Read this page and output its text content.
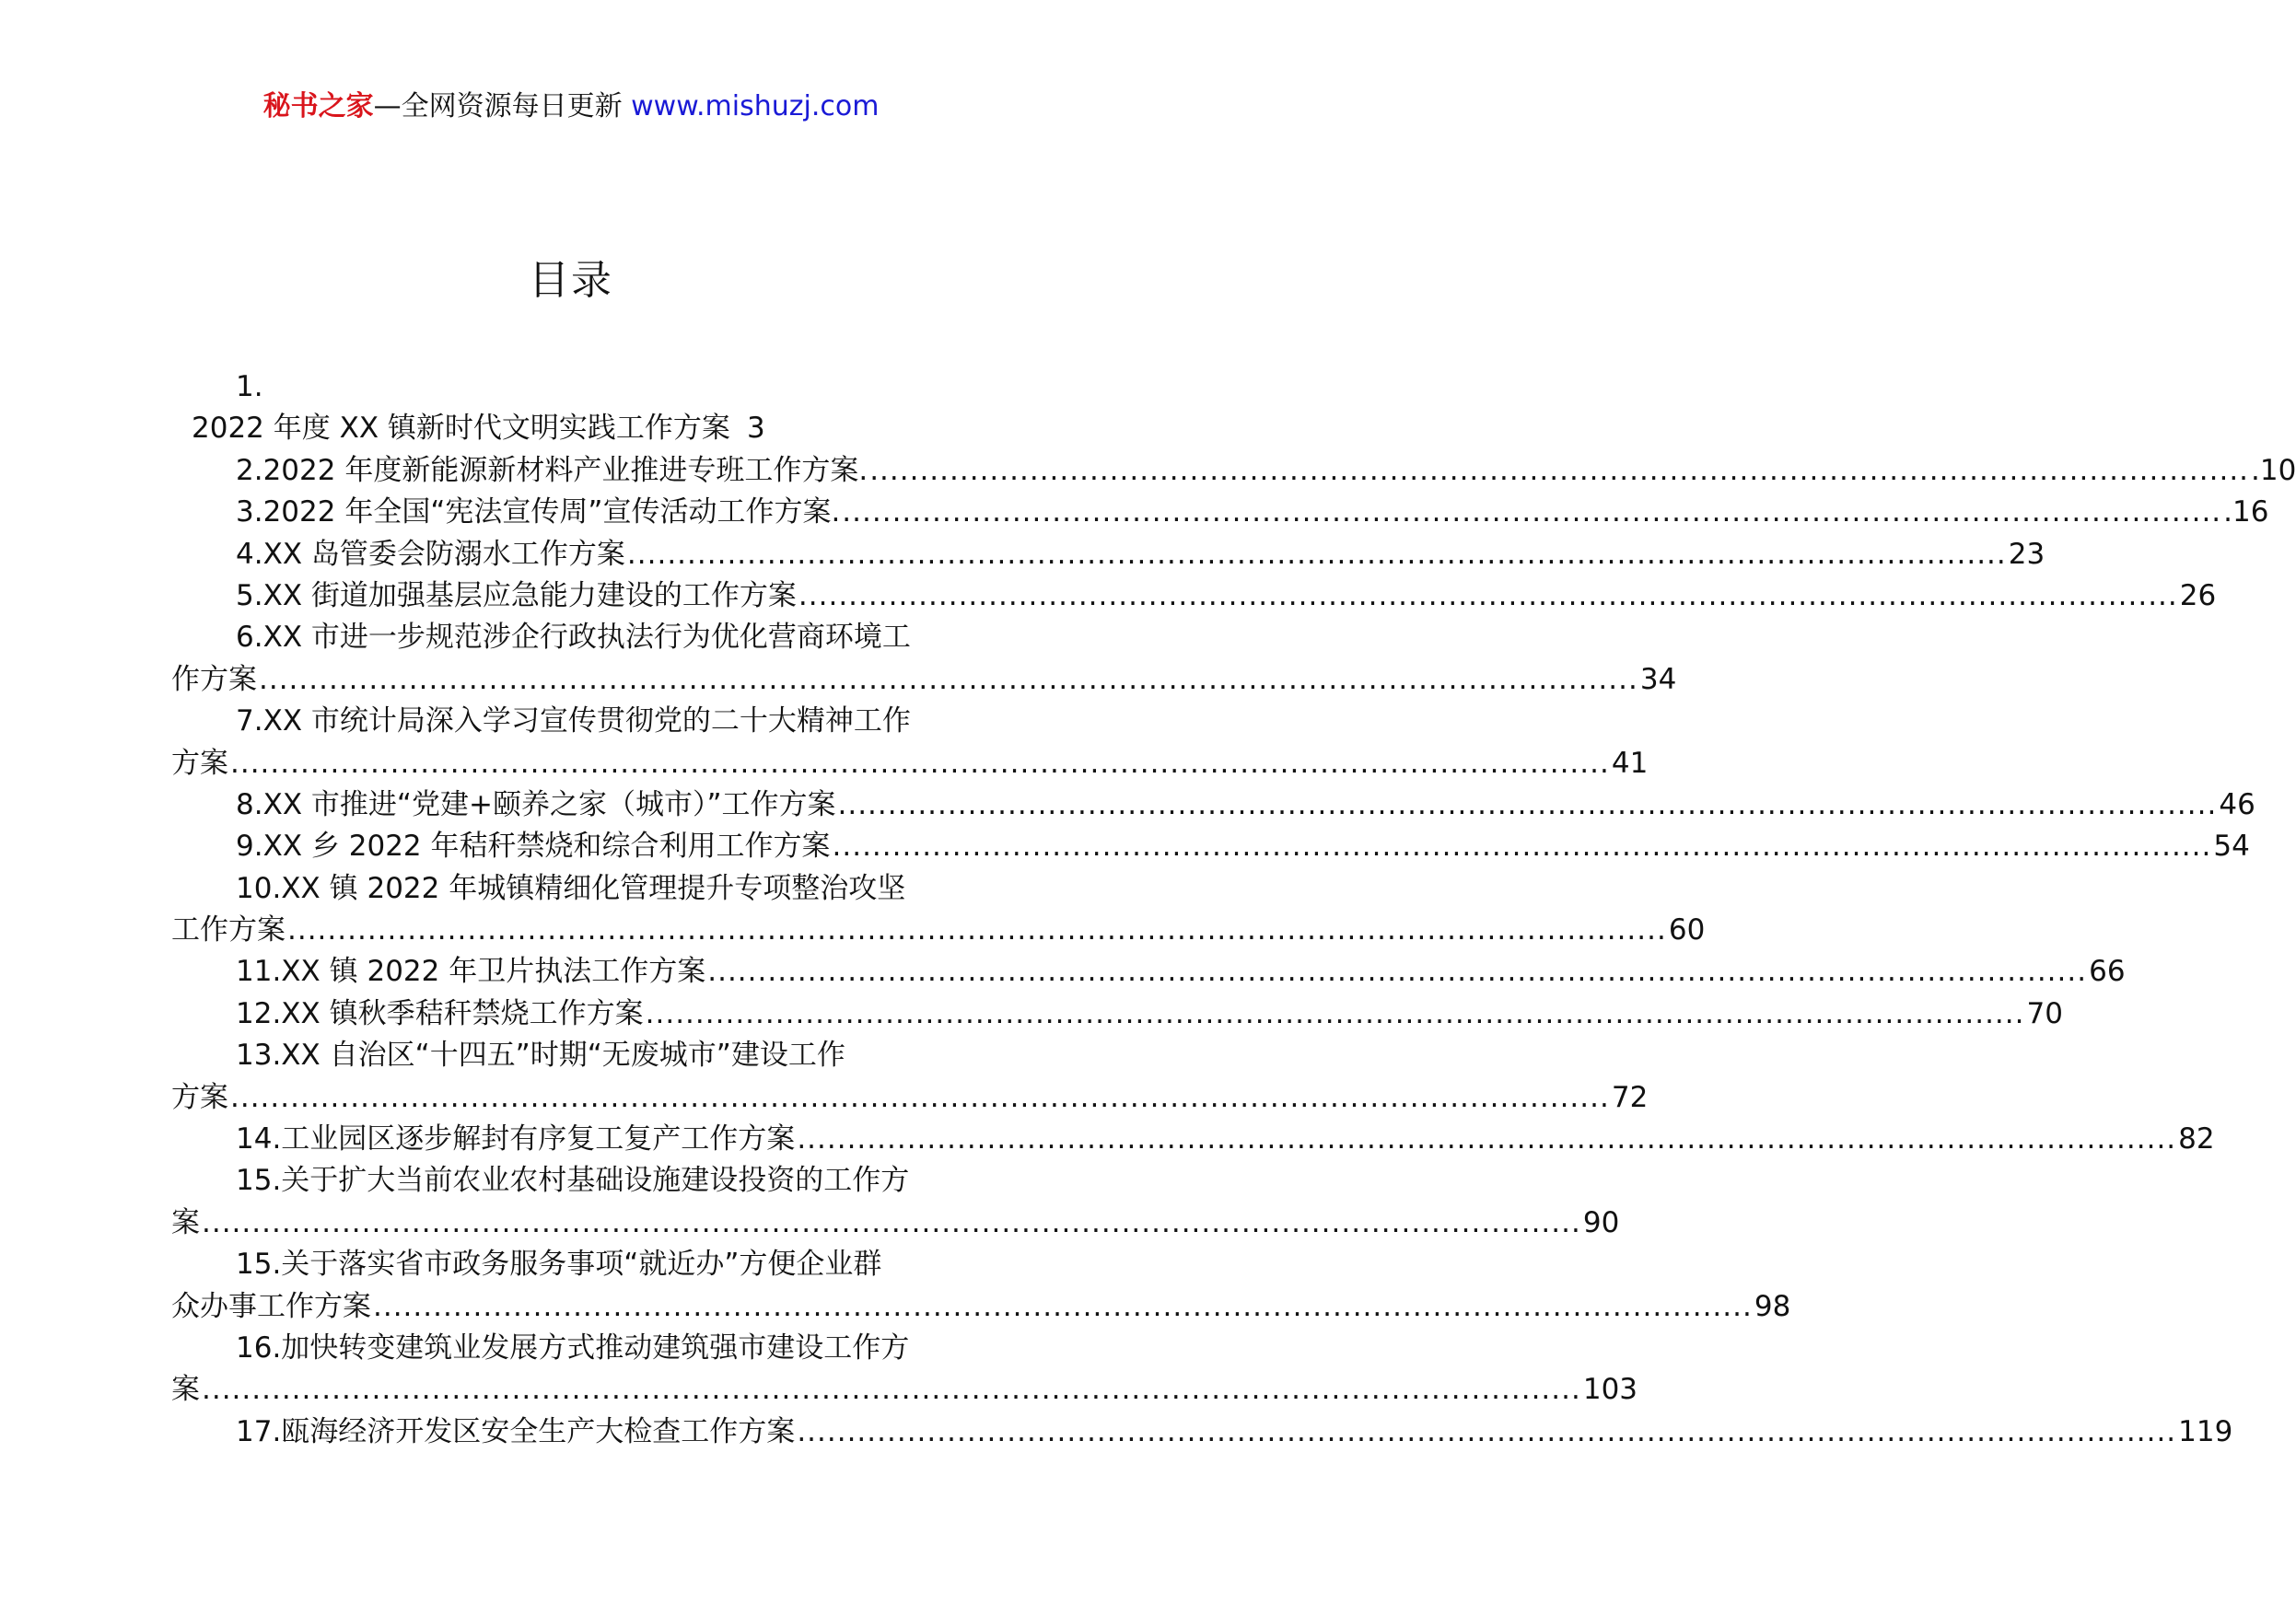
秘书之家—全网资源每日更新 www.mishuzj.com
目录
1.
2022 年度 XX 镇新时代文明实践工作方案 3
2.2022 年度新能源新材料产业推进专班工作方案. .......................................................................................................................................... .10
3.2022 年全国“宪法宣传周”宣传活动工作方案. .......................................................................................................................................... .16
4.XX 岛管委会防溺水工作方案 .......................................................................................................................................... 23
5.XX 街道加强基层应急能力建设的工作方案 .......................................................................................................................................... 26
6.XX 市进一步规范涉企行政执法行为优化营商环境工
作方案 .......................................................................................................................................... 34
7.XX 市统计局深入学习宣传贯彻党的二十大精神工作
方案 .......................................................................................................................................... 41
8.XX 市推进“党建+颐养之家（城市）”工作方案 .......................................................................................................................................... 46
9.XX 乡 2022 年秸秆禁烧和综合利用工作方案 .......................................................................................................................................... 54
10.XX 镇 2022 年城镇精细化管理提升专项整治攻坚
工作方案 .......................................................................................................................................... 60
11.XX 镇 2022 年卫片执法工作方案 .......................................................................................................................................... 66
12.XX 镇秋季秸秆禁烧工作方案 .......................................................................................................................................... 70
13.XX 自治区“十四五”时期“无废城市”建设工作
方案 .......................................................................................................................................... 72
14.工业园区逐步解封有序复工复产工作方案 .......................................................................................................................................... 82
15.关于扩大当前农业农村基础设施建设投资的工作方
案 .......................................................................................................................................... 90
15.关于落实省市政务服务事项“就近办”方便企业群
众办事工作方案 .......................................................................................................................................... 98
16.加快转变建筑业发展方式推动建筑强市建设工作方
案 .......................................................................................................................................... 103
17.瓯海经济开发区安全生产大检查工作方案 .......................................................................................................................................... 119
